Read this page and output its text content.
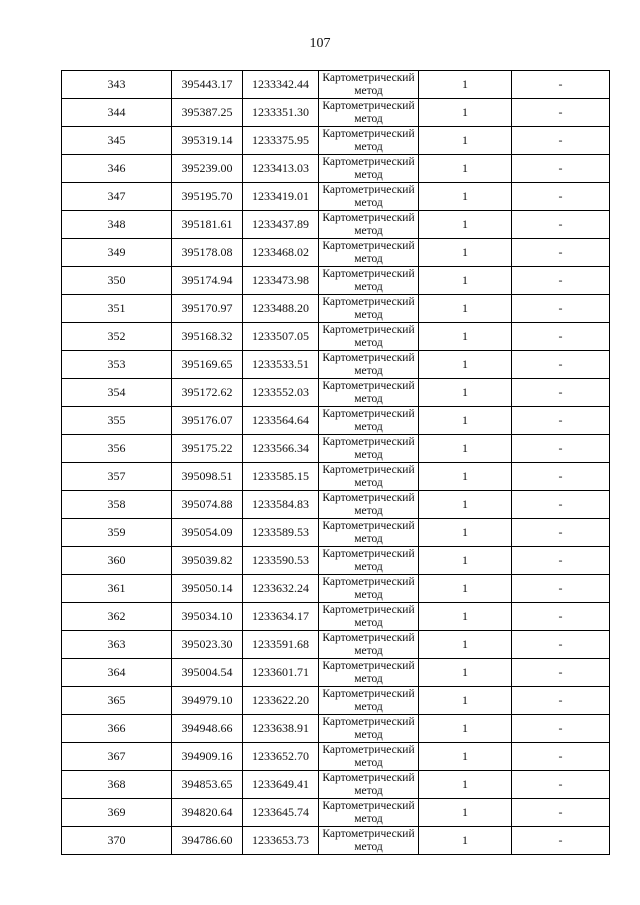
107
343	395443.17	1233342.44	Картометрический метод	1	-
344	395387.25	1233351.30	Картометрический метод	1	-
345	395319.14	1233375.95	Картометрический метод	1	-
346	395239.00	1233413.03	Картометрический метод	1	-
347	395195.70	1233419.01	Картометрический метод	1	-
348	395181.61	1233437.89	Картометрический метод	1	-
349	395178.08	1233468.02	Картометрический метод	1	-
350	395174.94	1233473.98	Картометрический метод	1	-
351	395170.97	1233488.20	Картометрический метод	1	-
352	395168.32	1233507.05	Картометрический метод	1	-
353	395169.65	1233533.51	Картометрический метод	1	-
354	395172.62	1233552.03	Картометрический метод	1	-
355	395176.07	1233564.64	Картометрический метод	1	-
356	395175.22	1233566.34	Картометрический метод	1	-
357	395098.51	1233585.15	Картометрический метод	1	-
358	395074.88	1233584.83	Картометрический метод	1	-
359	395054.09	1233589.53	Картометрический метод	1	-
360	395039.82	1233590.53	Картометрический метод	1	-
361	395050.14	1233632.24	Картометрический метод	1	-
362	395034.10	1233634.17	Картометрический метод	1	-
363	395023.30	1233591.68	Картометрический метод	1	-
364	395004.54	1233601.71	Картометрический метод	1	-
365	394979.10	1233622.20	Картометрический метод	1	-
366	394948.66	1233638.91	Картометрический метод	1	-
367	394909.16	1233652.70	Картометрический метод	1	-
368	394853.65	1233649.41	Картометрический метод	1	-
369	394820.64	1233645.74	Картометрический метод	1	-
370	394786.60	1233653.73	Картометрический метод	1	-
